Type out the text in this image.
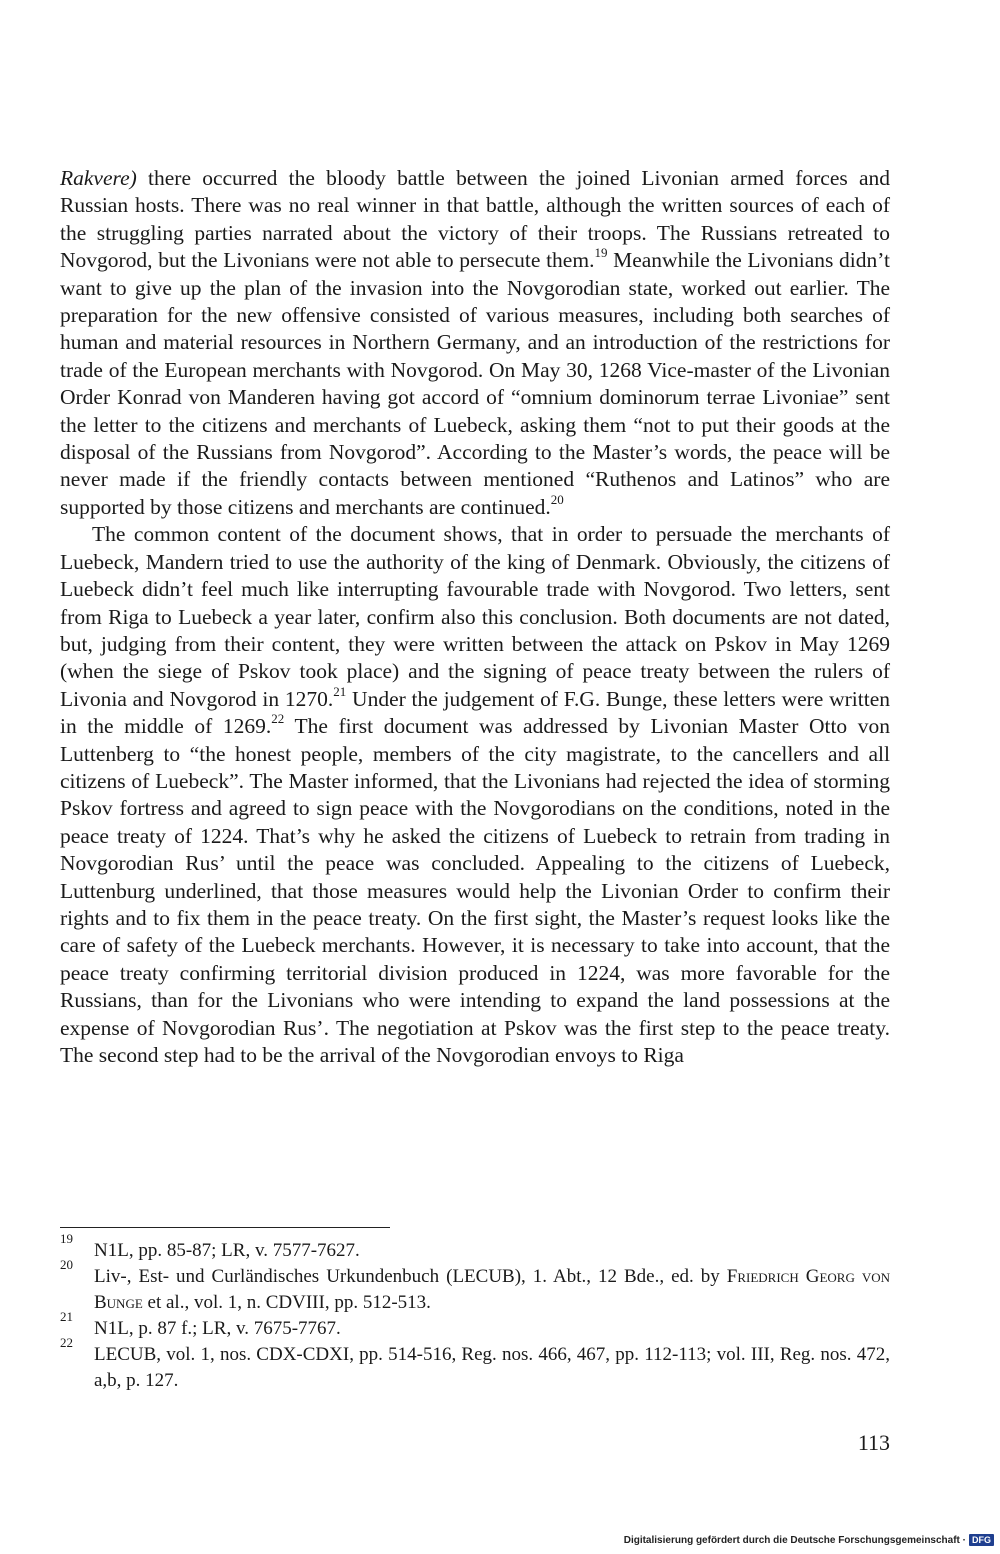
Rakvere) there occurred the bloody battle between the joined Livonian armed forces and Russian hosts. There was no real winner in that battle, although the written sources of each of the struggling parties narrated about the victory of their troops. The Russians retreated to Novgorod, but the Livonians were not able to persecute them.$^{19}$ Meanwhile the Livonians didn’t want to give up the plan of the invasion into the Novgorodian state, worked out earlier. The preparation for the new offensive consisted of various measures, including both searches of human and material resources in Northern Germany, and an introduction of the restrictions for trade of the European merchants with Novgorod. On May 30, 1268 Vice-master of the Livonian Order Konrad von Manderen having got accord of “omnium dominorum terrae Livoniae” sent the letter to the citizens and merchants of Luebeck, asking them “not to put their goods at the disposal of the Russians from Novgorod”. According to the Master’s words, the peace will be never made if the friendly contacts between mentioned “Ruthenos and Latinos” who are supported by those citizens and merchants are continued.$^{20}$

The common content of the document shows, that in order to persuade the merchants of Luebeck, Mandern tried to use the authority of the king of Denmark. Obviously, the citizens of Luebeck didn’t feel much like interrupting favourable trade with Novgorod. Two letters, sent from Riga to Luebeck a year later, confirm also this conclusion. Both documents are not dated, but, judging from their content, they were written between the attack on Pskov in May 1269 (when the siege of Pskov took place) and the signing of peace treaty between the rulers of Livonia and Novgorod in 1270.21 Under the judgement of F.G. Bunge, these letters were written in the middle of 1269.22 The first document was addressed by Livonian Master Otto von Luttenberg to “the honest people, members of the city magistrate, to the cancellers and all citizens of Luebeck”. The Master informed, that the Livonians had rejected the idea of storming Pskov fortress and agreed to sign peace with the Novgorodians on the conditions, noted in the peace treaty of 1224. That’s why he asked the citizens of Luebeck to retrain from trading in Novgorodian Rus’ until the peace was concluded. Appealing to the citizens of Luebeck, Luttenburg underlined, that those measures would help the Livonian Order to confirm their rights and to fix them in the peace treaty. On the first sight, the Master’s request looks like the care of safety of the Luebeck merchants. However, it is necessary to take into account, that the peace treaty confirming territorial division produced in 1224, was more favorable for the Russians, than for the Livonians who were intending to expand the land possessions at the expense of Novgorodian Rus’. The negotiation at Pskov was the first step to the peace treaty. The second step had to be the arrival of the Novgorodian envoys to Riga

19
N1L, pp. 85-87; LR, v. 7577-7627.

20
Liv-, Est- und Curländisches Urkundenbuch (LECUB), 1. Abt., 12 Bde., ed. by Friedrich Georg von Bunge et al., vol. 1, n. CDVIII, pp. 512-513.

21
N1L, p. 87 f.; LR, v. 7675-7767.

22
LECUB, vol. 1, nos. CDX-CDXI, pp. 514-516, Reg. nos. 466, 467, pp. 112-113; vol. III, Reg. nos. 472, a,b, p. 127.

113
Digitalisierung gefördert durch die Deutsche Forschungsgemeinschaft · DFG
